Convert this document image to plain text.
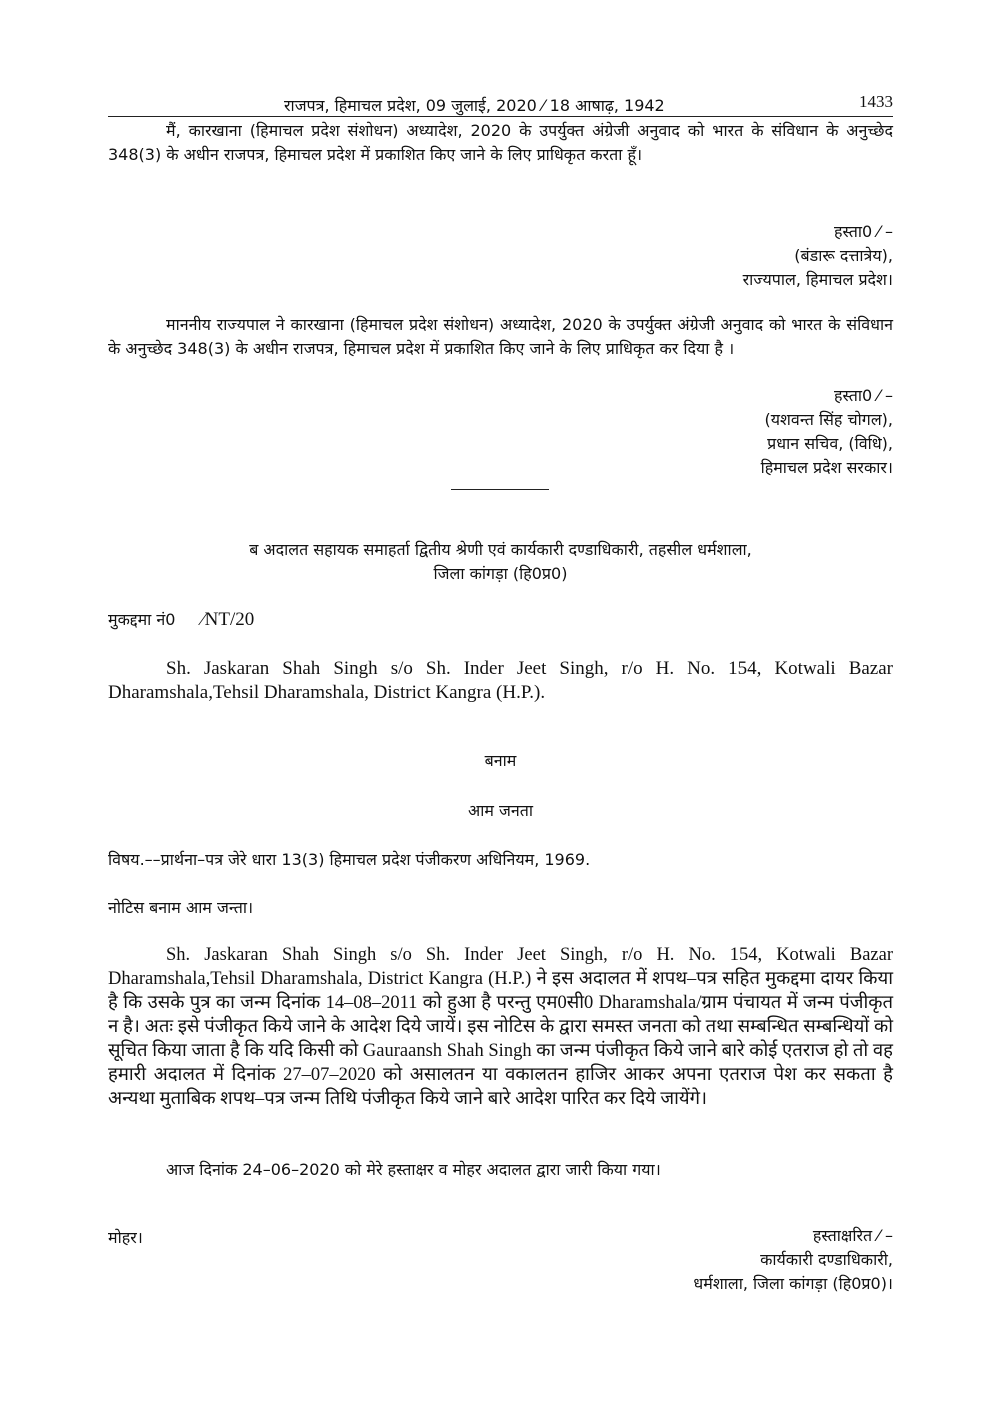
राजपत्र, हिमाचल प्रदेश, 09 जुलाई, 2020 ⁄ 18 आषाढ़, 1942	1433

मैं, कारखाना (हिमाचल प्रदेश संशोधन) अध्यादेश, 2020 के उपर्युक्त अंग्रेजी अनुवाद को भारत के संविधान के अनुच्छेद 348(3) के अधीन राजपत्र, हिमाचल प्रदेश में प्रकाशित किए जाने के लिए प्राधिकृत करता हूँ।

हस्ता0 ⁄ –
(बंडारू दत्तात्रेय),
राज्यपाल, हिमाचल प्रदेश।

माननीय राज्यपाल ने कारखाना (हिमाचल प्रदेश संशोधन) अध्यादेश, 2020 के उपर्युक्त अंग्रेजी अनुवाद को भारत के संविधान के अनुच्छेद 348(3) के अधीन राजपत्र, हिमाचल प्रदेश में प्रकाशित किए जाने के लिए प्राधिकृत कर दिया है ।

हस्ता0 ⁄ –
(यशवन्त सिंह चोगल),
प्रधान सचिव, (विधि),
हिमाचल प्रदेश सरकार।
ब अदालत सहायक समाहर्ता द्वितीय श्रेणी एवं कार्यकारी दण्डाधिकारी, तहसील धर्मशाला,
जिला कांगड़ा (हि0प्र0)
मुकद्दमा नं0 ⁄NT/20

Sh. Jaskaran Shah Singh s/o Sh. Inder Jeet Singh, r/o H. No. 154, Kotwali Bazar Dharamshala,Tehsil Dharamshala, District Kangra (H.P.).

बनाम
आम जनता
विषय.––प्रार्थना–पत्र जेरे धारा 13(3) हिमाचल प्रदेश पंजीकरण अधिनियम, 1969.
नोटिस बनाम आम जन्ता।

Sh. Jaskaran Shah Singh s/o Sh. Inder Jeet Singh, r/o H. No. 154, Kotwali Bazar Dharamshala,Tehsil Dharamshala, District Kangra (H.P.) ने इस अदालत में शपथ–पत्र सहित मुकद्दमा दायर किया है कि उसके पुत्र का जन्म दिनांक 14–08–2011 को हुआ है परन्तु एम0सी0 Dharamshala/ग्राम पंचायत में जन्म पंजीकृत न है। अतः इसे पंजीकृत किये जाने के आदेश दिये जायें। इस नोटिस के द्वारा समस्त जनता को तथा सम्बन्धित सम्बन्धियों को सूचित किया जाता है कि यदि किसी को Gauraansh Shah Singh का जन्म पंजीकृत किये जाने बारे कोई एतराज हो तो वह हमारी अदालत में दिनांक 27–07–2020 को असालतन या वकालतन हाजिर आकर अपना एतराज पेश कर सकता है अन्यथा मुताबिक शपथ–पत्र जन्म तिथि पंजीकृत किये जाने बारे आदेश पारित कर दिये जायेंगे।

आज दिनांक 24–06–2020 को मेरे हस्ताक्षर व मोहर अदालत द्वारा जारी किया गया।
मोहर।	हस्ताक्षरित ⁄ –
कार्यकारी दण्डाधिकारी,
धर्मशाला, जिला कांगड़ा (हि0प्र0)।
